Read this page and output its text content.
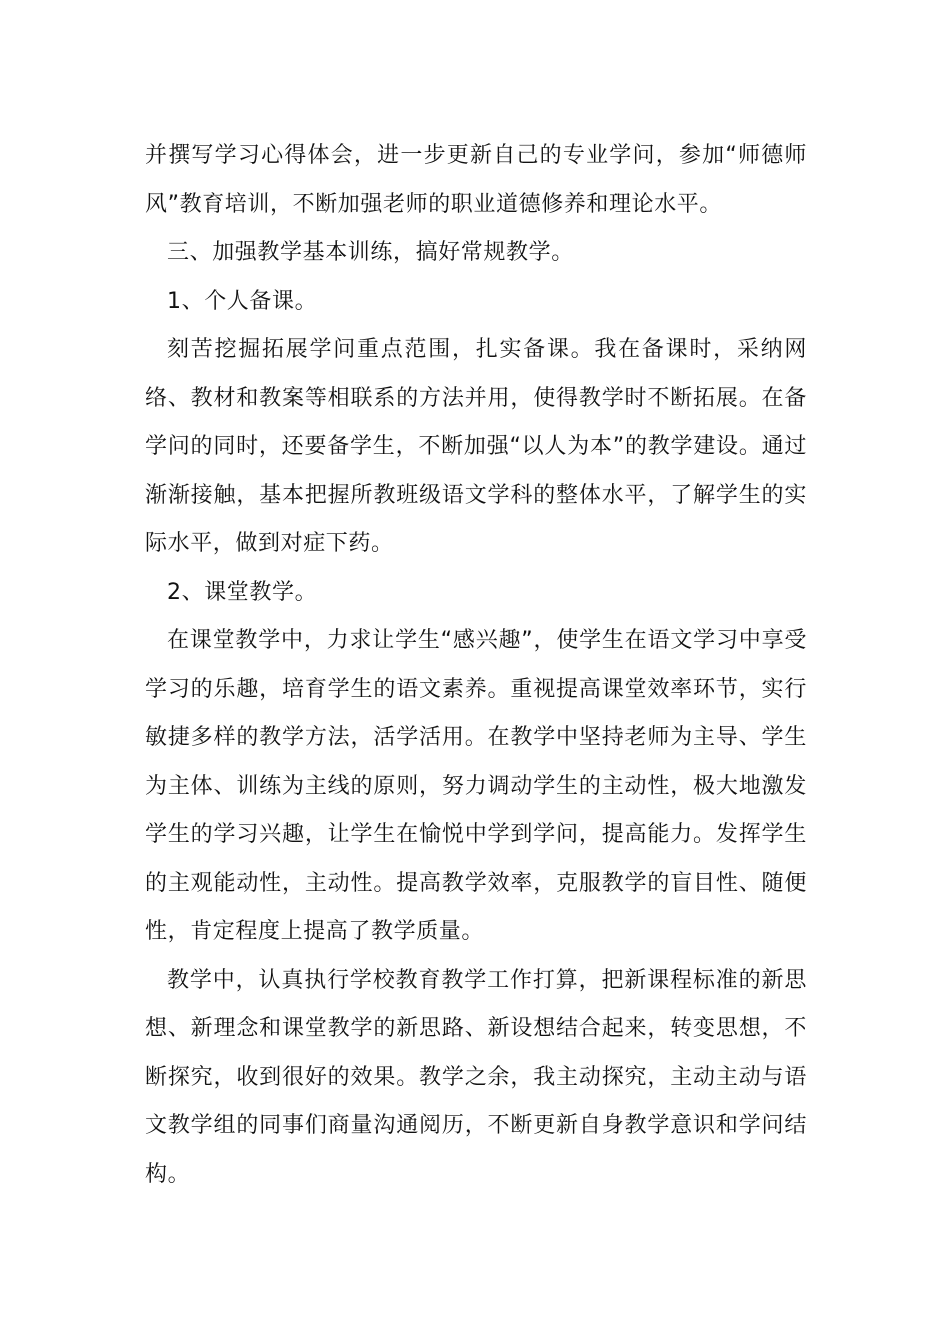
并撰写学习心得体会，进一步更新自己的专业学问，参加“师德师风”教育培训，不断加强老师的职业道德修养和理论水平。

三、加强教学基本训练，搞好常规教学。

1、个人备课。

刻苦挖掘拓展学问重点范围，扎实备课。我在备课时，采纳网络、教材和教案等相联系的方法并用，使得教学时不断拓展。在备学问的同时，还要备学生，不断加强“以人为本”的教学建设。通过渐渐接触，基本把握所教班级语文学科的整体水平，了解学生的实际水平，做到对症下药。

2、课堂教学。

在课堂教学中，力求让学生“感兴趣”，使学生在语文学习中享受学习的乐趣，培育学生的语文素养。重视提高课堂效率环节，实行敏捷多样的教学方法，活学活用。在教学中坚持老师为主导、学生为主体、训练为主线的原则，努力调动学生的主动性，极大地激发学生的学习兴趣，让学生在愉悦中学到学问，提高能力。发挥学生的主观能动性，主动性。提高教学效率，克服教学的盲目性、随便性，肯定程度上提高了教学质量。

教学中，认真执行学校教育教学工作打算，把新课程标准的新思想、新理念和课堂教学的新思路、新设想结合起来，转变思想，不断探究，收到很好的效果。教学之余，我主动探究，主动主动与语文教学组的同事们商量沟通阅历，不断更新自身教学意识和学问结构。
